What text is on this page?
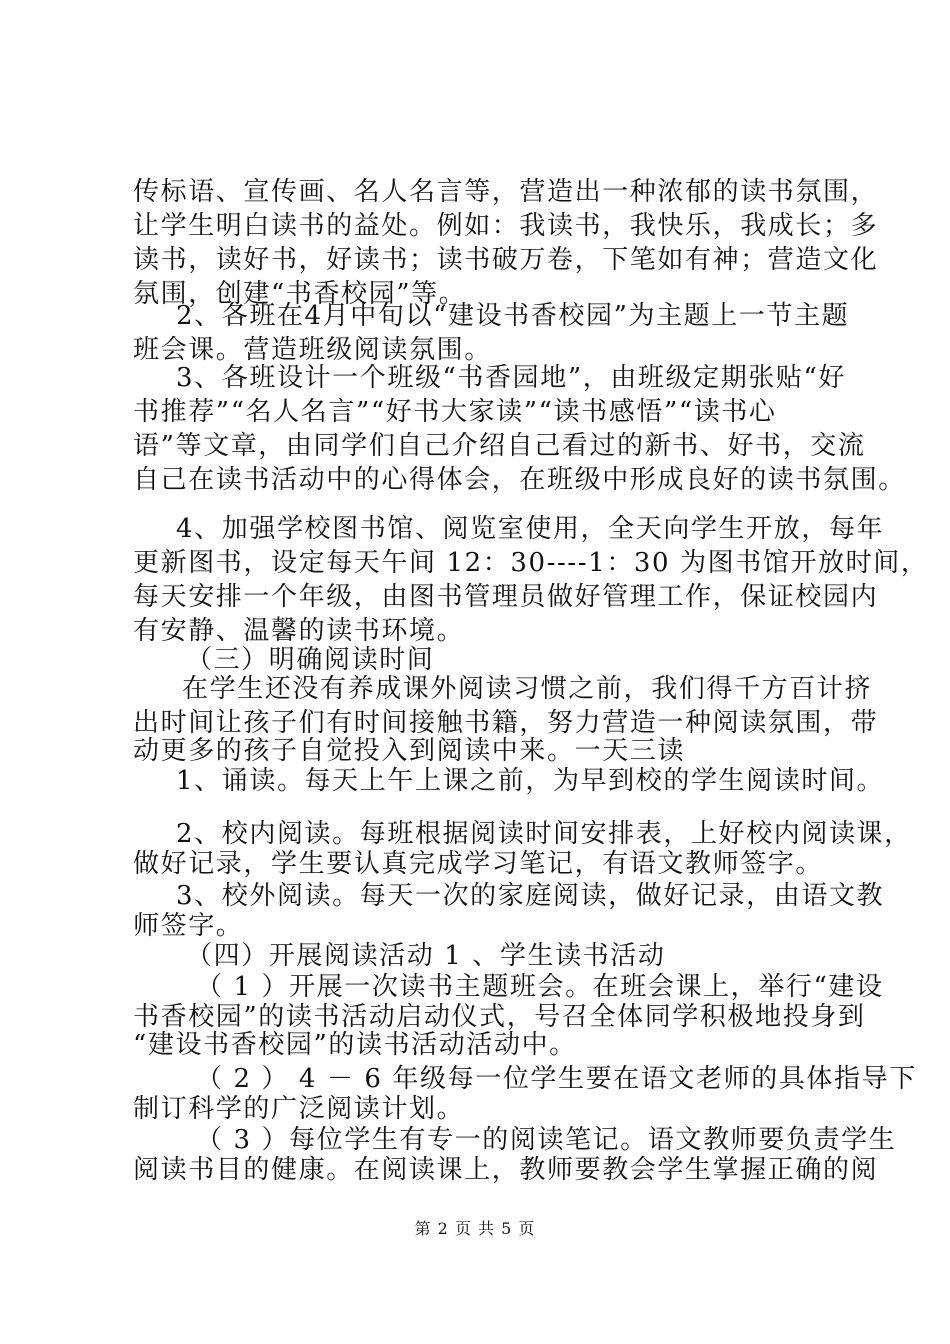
传标语、宣传画、名人名言等，营造出一种浓郁的读书氛围，
让学生明白读书的益处。例如：我读书，我快乐，我成长；多
读书，读好书，好读书；读书破万卷，下笔如有神；营造文化
氛围，创建“书香校园”等。
2、各班在4月中旬以“建设书香校园”为主题上一节主题
班会课。营造班级阅读氛围。
3、各班设计一个班级“书香园地”，由班级定期张贴“好
书推荐”“名人名言”“好书大家读”“读书感悟”“读书心
语”等文章，由同学们自己介绍自己看过的新书、好书，交流
自己在读书活动中的心得体会，在班级中形成良好的读书氛围。
4、加强学校图书馆、阅览室使用，全天向学生开放，每年
更新图书，设定每天午间 12：30----1：30 为图书馆开放时间，
每天安排一个年级，由图书管理员做好管理工作，保证校园内
有安静、温馨的读书环境。
（三）明确阅读时间
在学生还没有养成课外阅读习惯之前，我们得千方百计挤
出时间让孩子们有时间接触书籍，努力营造一种阅读氛围，带
动更多的孩子自觉投入到阅读中来。一天三读
1、诵读。每天上午上课之前，为早到校的学生阅读时间。
2、校内阅读。每班根据阅读时间安排表，上好校内阅读课，
做好记录，学生要认真完成学习笔记，有语文教师签字。
3、校外阅读。每天一次的家庭阅读，做好记录，由语文教
师签字。
（四）开展阅读活动 1 、学生读书活动
（ 1 ）开展一次读书主题班会。在班会课上，举行“建设
书香校园”的读书活动启动仪式，号召全体同学积极地投身到
“建设书香校园”的读书活动活动中。
（ 2 ） 4 － 6 年级每一位学生要在语文老师的具体指导下
制订科学的广泛阅读计划。
（ 3 ）每位学生有专一的阅读笔记。语文教师要负责学生
阅读书目的健康。在阅读课上，教师要教会学生掌握正确的阅
第 2 页 共 5 页
